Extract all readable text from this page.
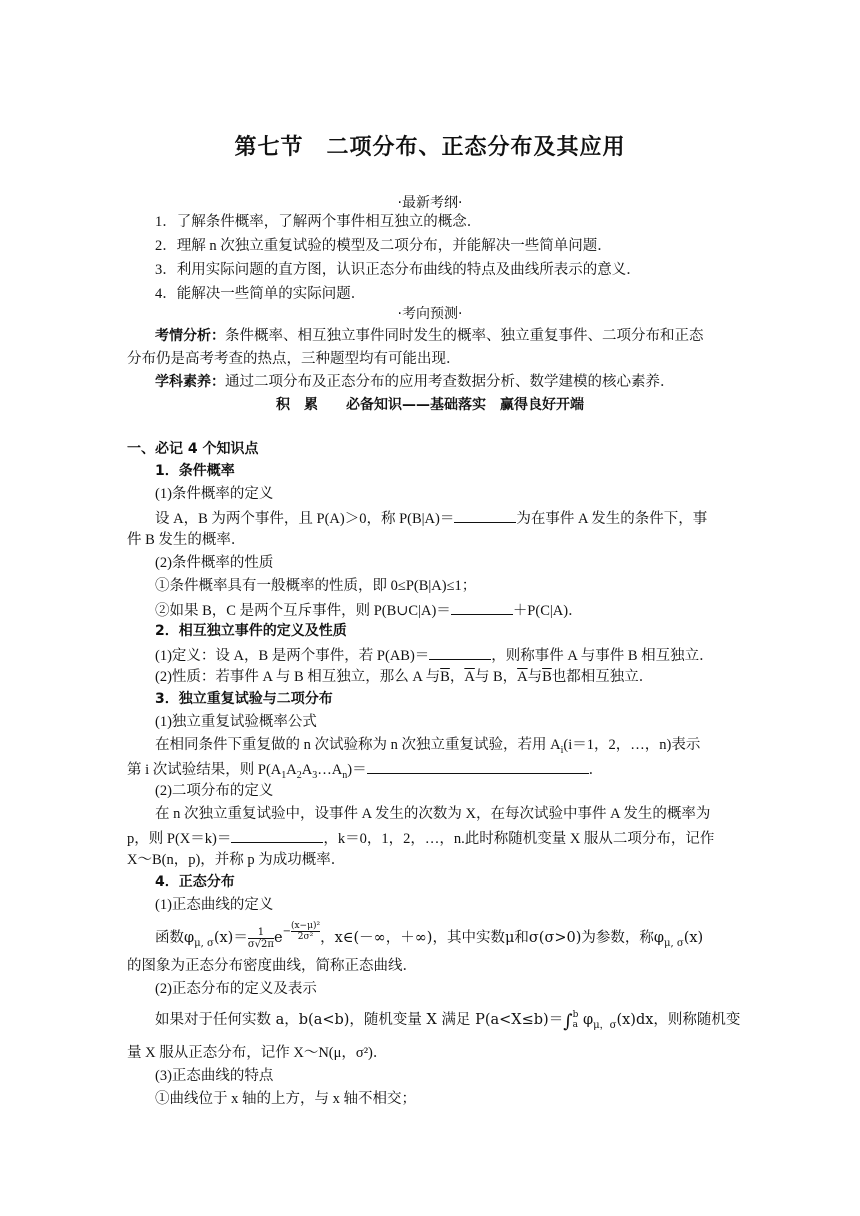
第七节　二项分布、正态分布及其应用
·最新考纲·
1．了解条件概率，了解两个事件相互独立的概念．
2．理解 n 次独立重复试验的模型及二项分布，并能解决一些简单问题．
3．利用实际问题的直方图，认识正态分布曲线的特点及曲线所表示的意义．
4．能解决一些简单的实际问题．
·考向预测·
考情分析：条件概率、相互独立事件同时发生的概率、独立重复事件、二项分布和正态
分布仍是高考考查的热点，三种题型均有可能出现．
学科素养：通过二项分布及正态分布的应用考查数据分析、数学建模的核心素养．
积　累　　必备知识——基础落实　赢得良好开端
一、必记 4 个知识点
1．条件概率
(1)条件概率的定义
设 A，B 为两个事件，且 P(A)＞0，称 P(B|A)＝	为在事件 A 发生的条件下，事
件 B 发生的概率．
(2)条件概率的性质
①条件概率具有一般概率的性质，即 0≤P(B|A)≤1；
②如果 B，C 是两个互斥事件，则 P(B∪C|A)＝	＋P(C|A)．
2．相互独立事件的定义及性质
(1)定义：设 A，B 是两个事件，若 P(AB)＝	，则称事件 A 与事件 B 相互独立．
(2)性质：若事件 A 与 B 相互独立，那么 A 与$\overline{B}$，$\overline{A}$与 B，$\overline{A}$与$\overline{B}$也都相互独立．
3．独立重复试验与二项分布
(1)独立重复试验概率公式
在相同条件下重复做的 n 次试验称为 n 次独立重复试验，若用 $A_i(i=1$，2，…，n)表示
第 i 次试验结果，则 $P(A_1A_2A_3\dots A_n)=$	．
(2)二项分布的定义
在 n 次独立重复试验中，设事件 A 发生的次数为 X，在每次试验中事件 A 发生的概率为
p，则 P(X＝k)＝	，k＝0，1，2，…，n.此时称随机变量 X 服从二项分布，记作
X～B(n，p)，并称 p 为成功概率．
4．正态分布
(1)正态曲线的定义
函数$\varphi_{\mu, \sigma}(x)= \frac{1}{\sigma√2\pi} e- \frac{\text{(x−μ)²}}{\text{2σ²}}$，x∈(－∞，＋∞)，其中实数μ和σ(σ>0)为参数，称$\varphi_{\mu, \sigma}(x)$
的图象为正态分布密度曲线，简称正态曲线．
(2)正态分布的定义及表示
如果对于任何实数 a，b(a<b)，随机变量 X 满足 P(a<X≤b)＝∫ b
a $\varphi_{\mu,\sigma}(x)dx$，则称随机变
量 X 服从正态分布，记作 X～N(μ，σ²)．
(3)正态曲线的特点
①曲线位于 x 轴的上方，与 x 轴不相交；
